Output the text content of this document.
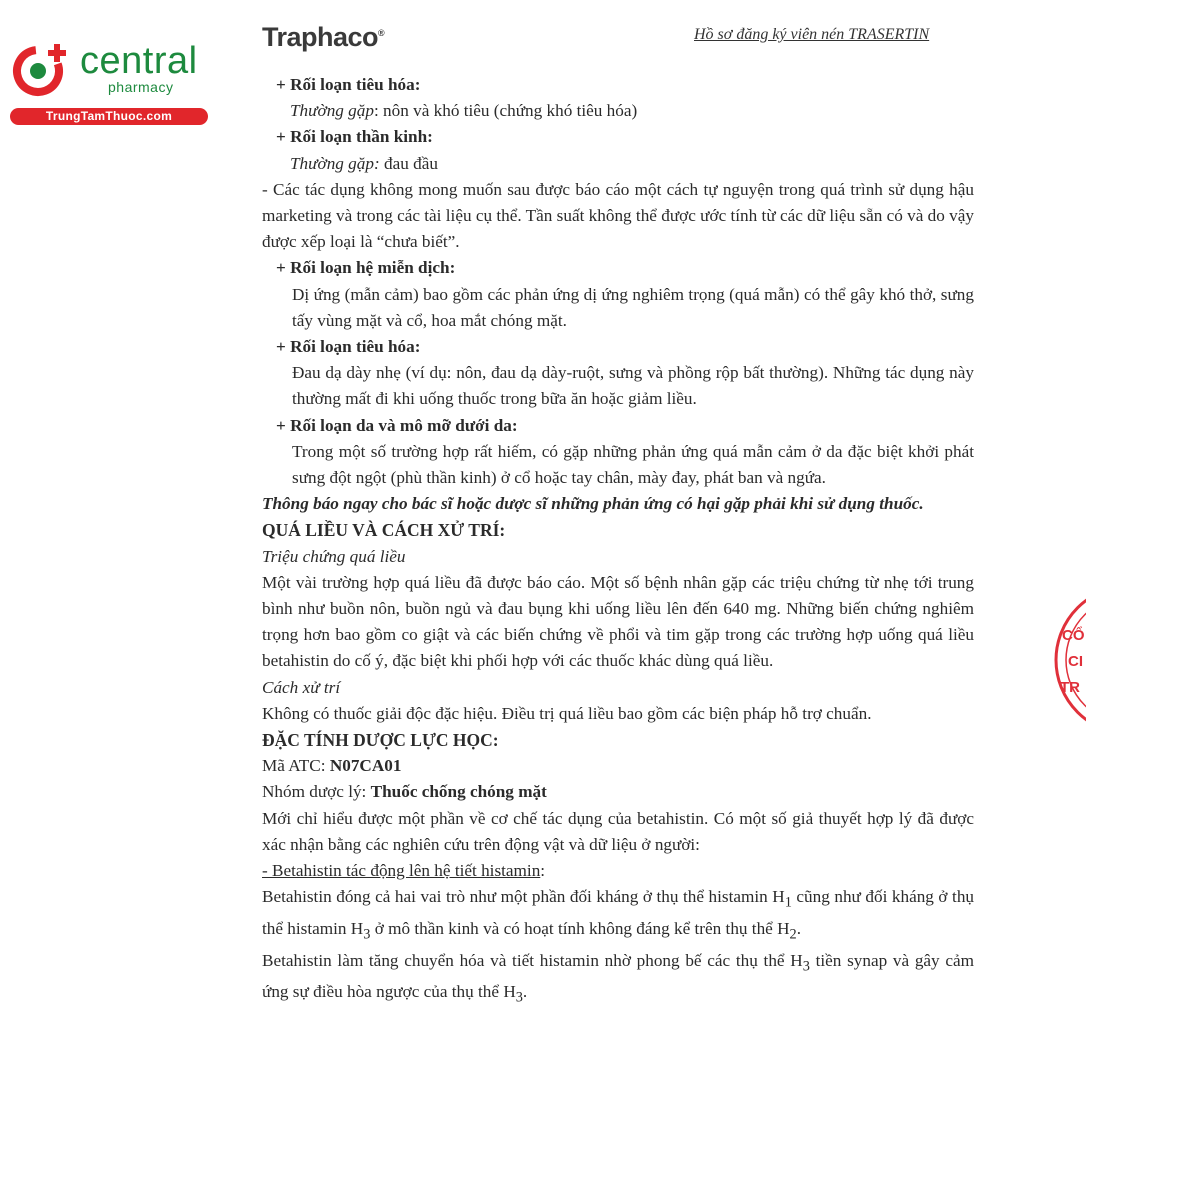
central
pharmacy
TrungTamThuoc.com
Traphaco®	Hồ sơ đăng ký viên nén TRASERTIN

+ Rối loạn tiêu hóa:

Thường gặp: nôn và khó tiêu (chứng khó tiêu hóa)

+ Rối loạn thần kinh:

Thường gặp: đau đầu

- Các tác dụng không mong muốn sau được báo cáo một cách tự nguyện trong quá trình sử dụng hậu marketing và trong các tài liệu cụ thể. Tần suất không thể được ước tính từ các dữ liệu sẵn có và do vậy được xếp loại là “chưa biết”.

+ Rối loạn hệ miễn dịch:

Dị ứng (mẫn cảm) bao gồm các phản ứng dị ứng nghiêm trọng (quá mẫn) có thể gây khó thở, sưng tấy vùng mặt và cổ, hoa mắt chóng mặt.

+ Rối loạn tiêu hóa:

Đau dạ dày nhẹ (ví dụ: nôn, đau dạ dày-ruột, sưng và phồng rộp bất thường). Những tác dụng này thường mất đi khi uống thuốc trong bữa ăn hoặc giảm liều.

+ Rối loạn da và mô mỡ dưới da:

Trong một số trường hợp rất hiếm, có gặp những phản ứng quá mẫn cảm ở da đặc biệt khởi phát sưng đột ngột (phù thần kinh) ở cổ hoặc tay chân, mày đay, phát ban và ngứa.

Thông báo ngay cho bác sĩ hoặc dược sĩ những phản ứng có hại gặp phải khi sử dụng thuốc.

QUÁ LIỀU VÀ CÁCH XỬ TRÍ:

Triệu chứng quá liều

Một vài trường hợp quá liều đã được báo cáo. Một số bệnh nhân gặp các triệu chứng từ nhẹ tới trung bình như buồn nôn, buồn ngủ và đau bụng khi uống liều lên đến 640 mg. Những biến chứng nghiêm trọng hơn bao gồm co giật và các biến chứng về phổi và tim gặp trong các trường hợp uống quá liều betahistin do cố ý, đặc biệt khi phối hợp với các thuốc khác dùng quá liều.

Cách xử trí

Không có thuốc giải độc đặc hiệu. Điều trị quá liều bao gồm các biện pháp hỗ trợ chuẩn.

ĐẶC TÍNH DƯỢC LỰC HỌC:

Mã ATC: N07CA01

Nhóm dược lý: Thuốc chống chóng mặt

Mới chỉ hiểu được một phần về cơ chế tác dụng của betahistin. Có một số giả thuyết hợp lý đã được xác nhận bằng các nghiên cứu trên động vật và dữ liệu ở người:

- Betahistin tác động lên hệ tiết histamin:

Betahistin đóng cả hai vai trò như một phần đối kháng ở thụ thể histamin $H_1$ cũng như đối kháng ở thụ thể histamin $H_3$ ở mô thần kinh và có hoạt tính không đáng kể trên thụ thể $H_2$.

Betahistin làm tăng chuyển hóa và tiết histamin nhờ phong bế các thụ thể $H_3$ tiền synap và gây cảm ứng sự điều hòa ngược của thụ thể $H_3$.

CỔ
CI
TR
